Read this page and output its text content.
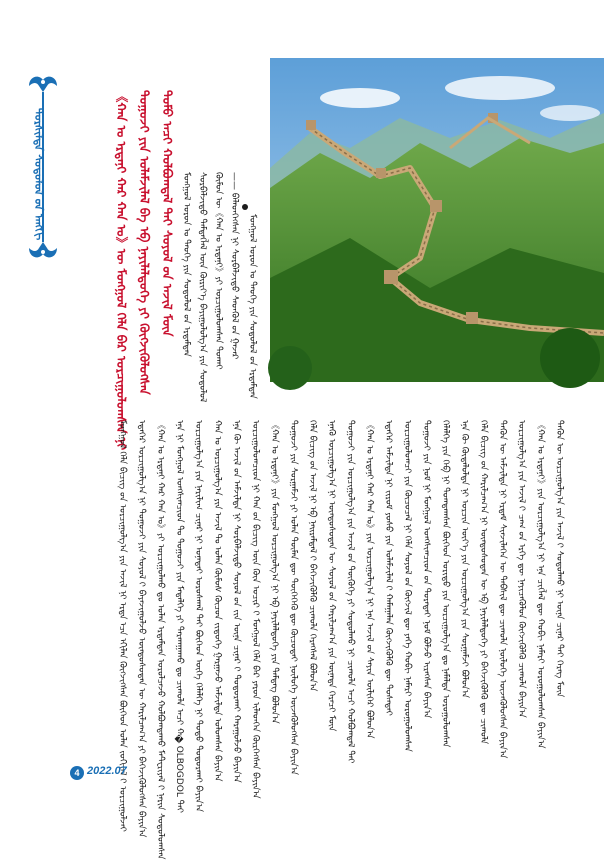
ᠲᠤᠷᠰᠢᠯᠲᠠ ᠰᠤᠳᠤᠯᠤᠯ ᠤ᠋ᠨ ᠠᠩᠭᠢ	《ᠬᠠᠨ ᠤ ᠡᠷᠳᠡᠨᠢ ᠬᠠᠷ ᠬᠠᠨ ᠤ》ᠦ ᠮᠣᠩᠭᠣᠯ ᠬᠡᠯᠡ ᠪᠡᠷ ᠣᠷᠴᠢᠭᠤᠯᠤᠭᠰᠠᠨ ᠨᠢ ᠲᠤᠭᠤᠵᠢ ᠶᠢᠨ ᠤᠯᠠᠮᠵᠢᠯᠠᠯ ᠪᠠ ᠡᠪ ᠨᠡᠶᠢᠯᠡᠯᠳᠦᠬᠡ ᠶᠢ ᠬᠥᠭᠵᠢᠭᠦᠯᠦᠭᠰᠡᠨ ᠲᠣᠮᠣ ᠠᠴᠢ ᠬᠣᠯᠪᠣᠭᠳᠠᠯ ᠲᠠᠢ ᠰᠣᠶᠣᠯ ᠤ᠋ᠨ ᠠᠵᠢᠯ ᠮᠥᠨ ᠮᠣᠩᠭᠣᠯ ᠣᠷᠣᠨ ᠤ ᠲᠡᠦᠬᠡ ᠶᠢᠨ ᠰᠤᠳᠤᠯᠤᠯ ᠤ᠋ᠨ ᠡᠷᠳᠡᠮᠲᠡᠨ ᠰᠤᠷᠪᠠᠯᠵᠢᠲᠤ ᠲᠡᠮᠳᠡᠭᠯᠡᠯ ᠦᠨ ᠬᠦᠷᠢᠶ᠎ᠡ ᠪᠠᠶᠢᠭᠤᠯᠤᠯᠭ᠎ᠠ ᠶᠢᠨ ᠰᠤᠳᠤᠯᠤᠯ ᠬᠦᠮᠦᠨ ᠦ《ᠬᠠᠨ ᠤ ᠡᠷᠳᠡᠨᠢ》ᠶᠢ ᠣᠷᠴᠢᠭᠤᠯᠤᠭᠰᠠᠨ ᠲᠤᠬᠠᠢ —— ᠪᠡᠯᠡᠳᠬᠡᠭᠰᠡᠨ ᠨᠢ ᠰᠤᠷᠪᠠᠯᠵᠢᠲᠤ ᠰᠡᠳᠬᠦᠯ ᠦ᠋ᠨ ᠭᠠᠵᠠᠷ ᠮᠣᠩᠭᠣᠯ ᠣᠷᠣᠨ ᠤ ᠲᠡᠦᠬᠡ ᠶᠢᠨ ᠰᠤᠳᠤᠯᠤᠯ ᠤ᠋ᠨ ᠡᠷᠳᠡᠮᠲᠡᠨ
ᠮᠣᠩᠭᠣᠯ ᠬᠡᠯᠡ ᠪᠢᠴᠢᠭ ᠤ᠋ᠨ ᠣᠷᠴᠢᠭᠤᠯᠭ᠎ᠠ ᠶᠢᠨ ᠠᠵᠢᠯ ᠨᠢ ᠡᠷᠲᠡ ᠡᠴᠡ ᠡᠬᠢᠯᠡᠨ ᠬᠥᠭᠵᠢᠭᠰᠡᠨ ᠪᠥᠭᠡᠳ ᠣᠯᠠᠨ ᠵᠣᠬᠢᠶᠠᠯ ᠢ᠋ ᠣᠷᠴᠢᠭᠤᠯᠵᠠᠢ	ᠡᠳᠡᠭᠡᠷ ᠣᠷᠴᠢᠭᠤᠯᠭ᠎ᠠ ᠨᠢ ᠲᠤᠭᠤᠵᠢ ᠶᠢᠨ ᠰᠣᠶᠣᠯ ᠢ᠋ ᠪᠠᠶᠠᠵᠢᠭᠤᠯᠵᠤ ᠦᠨᠳᠦᠰᠦᠲᠡᠨ ᠦ ᠬᠠᠷᠢᠯᠴᠠᠭ᠎ᠠ ᠶᠢ ᠪᠡᠬᠡᠵᠢᠭᠦᠯᠦᠭᠰᠡᠨ ᠪᠠᠶᠢᠨ᠎ᠠ	《ᠬᠠᠨ ᠤ ᠡᠷᠳᠡᠨᠢ ᠬᠠᠷ ᠬᠠᠨ ᠤ》ᠶᠢ ᠣᠷᠴᠢᠭᠤᠯᠬᠤ ᠳᠤ ᠣᠯᠠᠨ ᠡᠷᠳᠡᠮᠲᠡᠨ ᠣᠷᠣᠯᠴᠠᠵᠤ ᠬᠣᠯᠪᠣᠭᠳᠠᠬᠤ ᠮᠠᠲᠧᠷᠢᠶᠠᠯ ᠢ᠋ ᠨᠠᠷᠢᠨ ᠰᠤᠳᠤᠯᠤᠭᠰᠠᠨ	ᠡᠨᠡ ᠨᠢ ᠮᠣᠩᠭᠣᠯ ᠤᠨᠭᠰᠢᠭᠴᠢᠳ ᠲᠤ ᠲᠤᠭᠤᠵᠢ ᠶᠢᠨ ᠮᠡᠳᠡᠯᠭᠡ ᠶᠢ ᠲᠠᠷᠬᠠᠭᠠᠬᠤ ᠳᠤ ᠴᠢᠬᠤᠯᠠ ᠠᠴᠢ ᠬ�OLBOGDOL ᠲᠠᠢ	ᠣᠷᠴᠢᠭᠤᠯᠭ᠎ᠠ ᠶᠢᠨ ᠨᠠᠷᠢᠯᠢᠭ ᠴᠢᠨᠠᠷ ᠨᠢ ᠤᠨᠠᠳᠠᠢ ᠤᠷᠤᠰᠬᠠᠯ ᠲᠠᠢ ᠪᠥᠭᠡᠳ ᠦᠭᠡ ᠬᠡᠯᠡᠯᠭᠡ ᠨᠢ ᠲᠣᠳᠣ ᠲᠣᠳᠣᠷᠬᠠᠢ ᠪᠠᠶᠢᠨ᠎ᠠ	ᠬᠠᠨ ᠤ ᠣᠷᠴᠢᠭᠤᠯᠭ᠎ᠠ ᠶᠢᠨ ᠠᠵᠢᠯ ᠲᠤ ᠣᠯᠠᠨ ᠬᠦᠮᠦᠰ ᠬᠦᠴᠦᠨ ᠵᠢᠲᠦᠭᠡ ᠭᠠᠷᠭᠠᠵᠤ ᠠᠮᠵᠢᠯᠲᠠ ᠣᠯᠤᠭᠰᠠᠨ ᠪᠠᠶᠢᠨ᠎ᠠ	ᠡᠨᠡ ᠬᠦ ᠠᠵᠢᠯ ᠤ᠋ᠨ ᠠᠮᠵᠢᠯᠲᠠ ᠨᠢ ᠰᠤᠷᠪᠠᠯᠵᠢᠲᠤ ᠰᠣᠶᠣᠯ ᠤ᠋ᠨ ᠵᠢᠨ ᠦᠨᠡ ᠴᠢᠨᠠᠷ ᠢ᠋ ᠲᠣᠳᠣᠷᠬᠠᠢ ᠬᠠᠷᠠᠭᠤᠯᠵᠤ ᠪᠠᠶᠢᠨ᠎ᠠ	ᠣᠷᠴᠢᠭᠤᠯᠤᠭᠴᠢᠳ ᠨᠢ ᠬᠠᠨ ᠤ᠋ᠨ ᠪᠢᠴᠢᠭ ᠦᠨ ᠭᠦᠨ ᠤᠴᠢᠷ ᠢ᠋ ᠮᠣᠩᠭᠣᠯ ᠬᠡᠯᠡ ᠪᠡᠷ ᠶᠠᠷᠤᠨ ᠢᠯᠡᠳᠬᠡᠨ ᠬᠦᠷᠭᠡᠭᠰᠡᠨ ᠪᠠᠶᠢᠨ᠎ᠠ	《ᠬᠠᠨ ᠤ ᠡᠷᠳᠡᠨᠢ》ᠶᠢᠨ ᠮᠣᠩᠭᠣᠯ ᠣᠷᠴᠢᠭᠤᠯᠭ᠎ᠠ ᠨᠢ ᠡᠪ ᠨᠡᠶᠢᠯᠡᠯᠳᠦᠬᠡ ᠶᠢᠨ ᠲᠡᠮᠳᠡᠭ ᠪᠣᠯᠤᠨ᠎ᠠ	ᠲᠤᠭᠤᠵᠢ ᠶᠢᠨ ᠰᠤᠷᠭᠠᠮᠵᠢ ᠶᠢ ᠣᠯᠠᠨ ᠲᠥᠮᠡᠨ ᠳᠦ ᠲᠦᠭᠡᠭᠡᠬᠦ ᠳᠦ ᠬᠦᠴᠦᠲᠡᠢ ᠨᠥᠯᠦᠭᠡ ᠦᠵᠡᠭᠦᠯᠦᠭᠰᠡᠨ ᠪᠠᠶᠢᠨ᠎ᠠ	ᠬᠡᠯᠡ ᠪᠢᠴᠢᠭ ᠤ᠋ᠨ ᠠᠵᠢᠯ ᠨᠢ ᠡᠪ ᠨᠠᠢᠷᠠᠮᠳᠠᠯ ᠢ᠋ ᠪᠡᠬᠡᠵᠢᠭᠦᠯᠬᠦ ᠴᠢᠬᠤᠯᠠ ᠬᠡᠷᠡᠭᠰᠡᠯ ᠪᠣᠯᠤᠨ᠎ᠠ	ᠡᠨᠡᠬᠦ ᠣᠷᠴᠢᠭᠤᠯᠭ᠎ᠠ ᠨᠢ ᠦᠨᠳᠦᠰᠦᠲᠡᠨ ᠦ ᠰᠣᠶᠣᠯ ᠤ᠋ᠨ ᠬᠠᠷᠢᠯᠴᠠᠭ᠎ᠠ ᠶᠢᠨ ᠦᠨᠡᠲᠡ ᠭᠡᠷᠡᠴᠢ ᠮᠥᠨ	ᠲᠤᠭᠤᠵᠢ ᠶᠢᠨ ᠣᠷᠴᠢᠭᠤᠯᠭ᠎ᠠ ᠶᠢᠨ ᠠᠵᠢᠯ ᠤ᠋ᠨ ᠲᠦᠭᠦᠬᠡ ᠶᠢ ᠰᠤᠳᠤᠯᠬᠤ ᠨᠢ ᠴᠢᠬᠤᠯᠠ ᠠᠴᠢ ᠬᠣᠯᠪᠣᠭᠳᠠᠯ ᠲᠠᠢ	《ᠬᠠᠨ ᠤ ᠡᠷᠳᠡᠨᠢ ᠬᠠᠷ ᠬᠠᠨ ᠤ》ᠶᠢᠨ ᠣᠷᠴᠢᠭᠤᠯᠭ᠎ᠠ ᠨᠢ ᠡᠨᠡ ᠠᠵᠢᠯ ᠤ᠋ᠨ ᠰᠠᠶᠢᠨ ᠦᠯᠢᠭᠡᠷ ᠪᠣᠯᠤᠨ᠎ᠠ	ᠡᠳᠡᠭᠡᠷ ᠠᠮᠵᠢᠯᠲᠠ ᠨᠢ ᠵᠢᠷᠤᠮ ᠶᠣᠰᠤ ᠶᠢᠨ ᠤᠯᠠᠮᠵᠢᠯᠠᠯ ᠢ᠋ ᠬᠠᠮᠠᠭᠠᠯᠠᠨ ᠬᠥᠭᠵᠢᠭᠦᠯᠬᠦ ᠳᠦ ᠲᠤᠰᠠᠲᠠᠢ	ᠣᠷᠴᠢᠭᠤᠯᠤᠭᠴᠢ ᠶᠢᠨ ᠬᠦᠴᠦᠴᠡᠯ ᠨᠢ ᠬᠡᠯᠡ ᠰᠣᠶᠣᠯ ᠤ᠋ᠨ ᠬᠥᠭᠵᠢᠯ ᠳᠦ ᠶᠡᠬᠡ ᠬᠤᠪᠢ ᠨᠡᠮᠡᠷᠢ ᠣᠷᠣᠭᠤᠯᠤᠭᠰᠠᠨ	ᠲᠤᠭᠤᠵᠢ ᠶᠢᠨ ᠨᠣᠮ ᠨᠢ ᠮᠣᠩᠭᠣᠯ ᠤᠨᠭᠰᠢᠭᠴᠢᠳ ᠤ᠋ᠨ ᠳᠤᠷᠠᠲᠠᠢ ᠨᠣᠮ ᠪᠣᠯᠵᠤ ᠢᠷᠡᠭᠰᠡᠨ ᠪᠠᠶᠢᠨ᠎ᠠ	ᠬᠡᠯᠡᠯᠭᠡ ᠶᠢᠨ ᠬᠡᠪ ᠨᠢ ᠲᠣᠭᠲᠠᠭᠰᠠᠨ ᠪᠥᠭᠡᠳ ᠤᠷᠢᠳᠤ ᠶᠢᠨ ᠣᠷᠴᠢᠭᠤᠯᠭ᠎ᠠ ᠳᠤ ᠨᠡᠮᠡᠯᠲᠡ ᠣᠷᠣᠭᠤᠯᠤᠭᠰᠠᠨ	ᠡᠨᠡ ᠬᠦ ᠬᠥᠳᠡᠯᠦᠯᠲᠡ ᠨᠢ ᠣᠷᠴᠢᠨ ᠦᠶ᠎ᠡ ᠶᠢᠨ ᠣᠷᠴᠢᠭᠤᠯᠭ᠎ᠠ ᠶᠢᠨ ᠰᠤᠷᠭᠠᠮᠵᠢ ᠪᠣᠯᠤᠨ᠎ᠠ	ᠬᠡᠯᠡ ᠪᠢᠴᠢᠭ ᠤ᠋ᠨ ᠬᠠᠷᠢᠯᠴᠠᠭ᠎ᠠ ᠨᠢ ᠦᠨᠳᠦᠰᠦᠲᠡᠨ ᠦ ᠡᠪ ᠨᠡᠶᠢᠯᠡᠯᠳᠦᠬᠡ ᠶᠢ ᠪᠡᠬᠡᠵᠢᠭᠦᠯᠬᠦ ᠳᠦ ᠴᠢᠬᠤᠯᠠ	ᠲᠡᠭᠦᠨ ᠦ ᠠᠮᠵᠢᠯᠲᠠ ᠨᠢ ᠡᠷᠳᠡᠮ ᠰᠢᠨᠵᠢᠯᠡᠭᠡᠨ ᠦ ᠳᠡᠪᠰᠢᠯ ᠳᠦ ᠴᠢᠬᠤᠯᠠ ᠨᠥᠯᠦᠭᠡ ᠦᠵᠡᠭᠦᠯᠦᠭᠰᠡᠨ ᠪᠠᠶᠢᠨ᠎ᠠ	ᠣᠷᠴᠢᠭᠤᠯᠭ᠎ᠠ ᠶᠢᠨ ᠠᠵᠢᠯ ᠢ᠋ ᠴᠠᠭ ᠤ᠋ᠨ ᠡᠷᠬᠡ ᠳᠦ ᠨᠡᠶᠢᠴᠡᠭᠦᠯᠦᠨ ᠬᠥᠭᠵᠢᠭᠦᠯᠬᠦ ᠴᠢᠬᠤᠯᠠ ᠪᠠᠶᠢᠨ᠎ᠠ	《ᠬᠠᠨ ᠤ ᠡᠷᠳᠡᠨᠢ》ᠶᠢᠨ ᠣᠷᠴᠢᠭᠤᠯᠭ᠎ᠠ ᠨᠢ ᠡᠨᠡ ᠴᠢᠭᠯᠡᠯ ᠳᠦ ᠬᠤᠪᠢ ᠨᠡᠮᠡᠷᠢ ᠣᠷᠣᠭᠤᠯᠤᠭᠰᠠᠨ ᠪᠠᠶᠢᠨ᠎ᠠ	ᠲᠡᠭᠦᠨ ᠦ ᠣᠷᠴᠢᠭᠤᠯᠭ᠎ᠠ ᠶᠢᠨ ᠠᠵᠢᠯ ᠢ᠋ ᠰᠤᠳᠤᠯᠬᠤ ᠨᠢ ᠦᠨᠡ ᠴᠢᠨᠠᠷ ᠲᠠᠢ ᠬᠡᠷᠡᠭ ᠮᠥᠨ
4 2022.07
